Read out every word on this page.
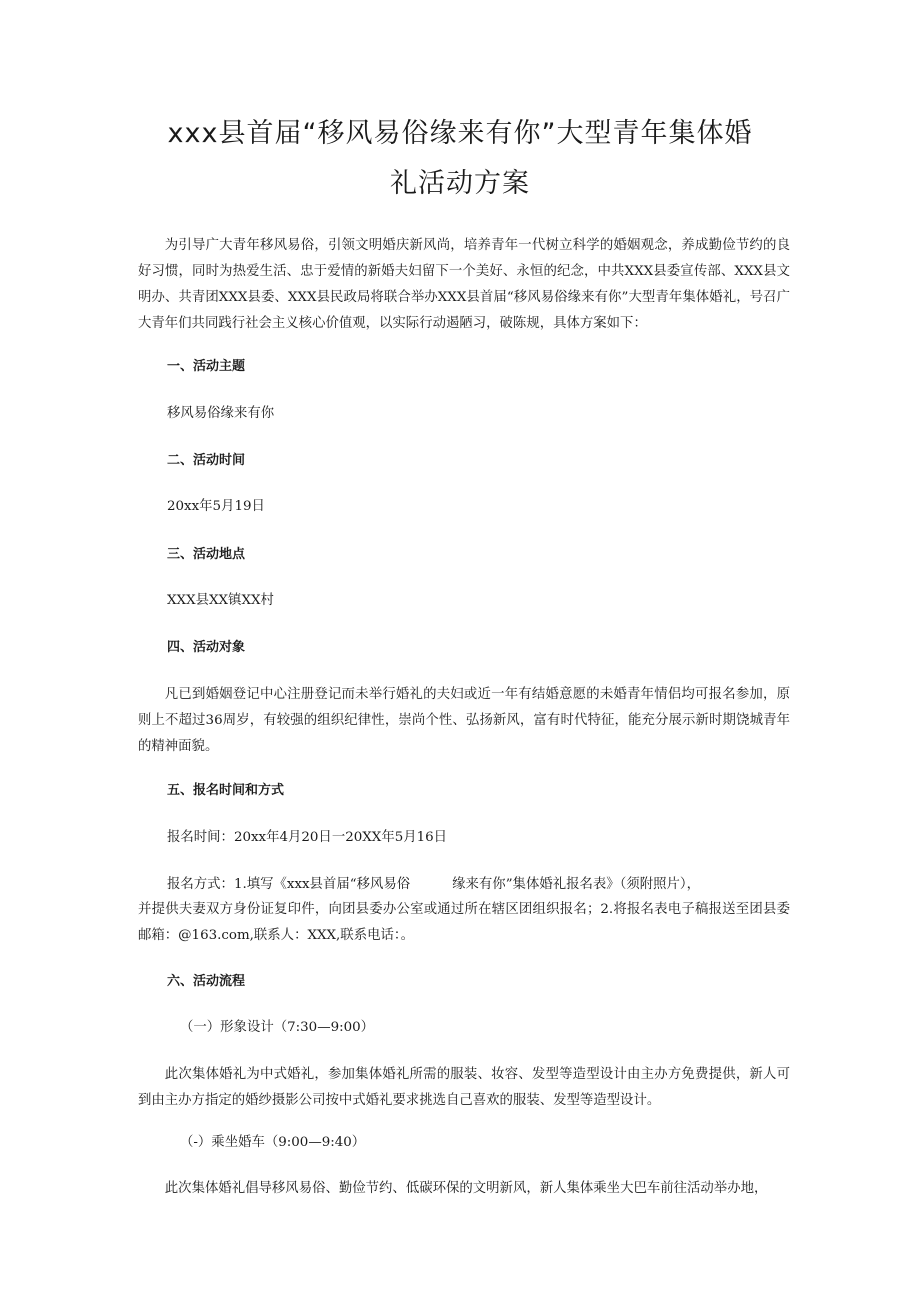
xxx县首届“移风易俗缘来有你”大型青年集体婚
礼活动方案

为引导广大青年移风易俗，引领文明婚庆新风尚，培养青年一代树立科学的婚姻观念，养成勤俭节约的良好习惯，同时为热爱生活、忠于爱情的新婚夫妇留下一个美好、永恒的纪念，中共XXX县委宣传部、XXX县文明办、共青团XXX县委、XXX县民政局将联合举办XXX县首届“移风易俗缘来有你”大型青年集体婚礼，号召广大青年们共同践行社会主义核心价值观，以实际行动遏陋习，破陈规，具体方案如下：

一、活动主题

移风易俗缘来有你

二、活动时间

20xx年5月19日

三、活动地点

XXX县XX镇XX村

四、活动对象

凡已到婚姻登记中心注册登记而未举行婚礼的夫妇或近一年有结婚意愿的未婚青年情侣均可报名参加，原则上不超过36周岁，有较强的组织纪律性，崇尚个性、弘扬新风，富有时代特征，能充分展示新时期饶城青年的精神面貌。

五、报名时间和方式

报名时间：20xx年4月20日一20XX年5月16日

报名方式：1.填写《xxx县首届“移风易俗	缘来有你”集体婚礼报名表》（须附照片），

并提供夫妻双方身份证复印件，向团县委办公室或通过所在辖区团组织报名；2.将报名表电子稿报送至团县委邮箱：@163.com,联系人：XXX,联系电话：。

六、活动流程

（一）形象设计（7:30—9:00）

此次集体婚礼为中式婚礼，参加集体婚礼所需的服装、妆容、发型等造型设计由主办方免费提供，新人可到由主办方指定的婚纱摄影公司按中式婚礼要求挑选自己喜欢的服装、发型等造型设计。

（-）乘坐婚车（9:00—9:40）

此次集体婚礼倡导移风易俗、勤俭节约、低碳环保的文明新风，新人集体乘坐大巴车前往活动举办地，
